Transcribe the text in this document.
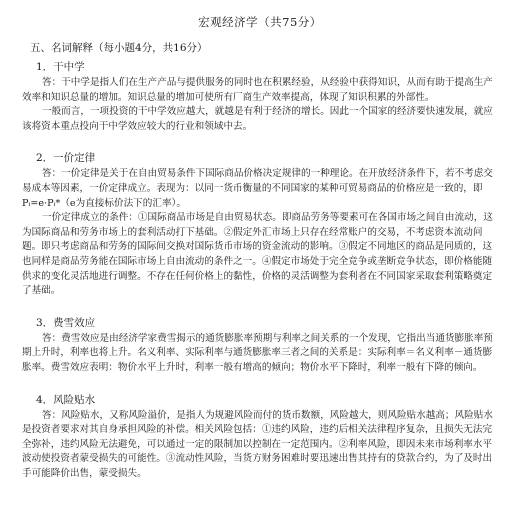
宏观经济学（共75分）
五、名词解释（每小题4分，共16分）
1．干中学

答：干中学是指人们在生产产品与提供服务的同时也在积累经验，从经验中获得知识，从而有助于提高生产效率和知识总量的增加。知识总量的增加可使所有厂商生产效率提高，体现了知识积累的外部性。

一般而言，一项投资的干中学效应越大，就越是有利于经济的增长。因此一个国家的经济要快速发展，就应该将资本重点投向干中学效应较大的行业和领域中去。

2．一价定律

答：一价定律是关于在自由贸易条件下国际商品价格决定规律的一种理论。在开放经济条件下，若不考虑交易成本等因素，一价定律成立。表现为：以同一货币衡量的不同国家的某种可贸易商品的价格应是一致的，即

Pᵢ=e·Pᵢ*（e为直接标价法下的汇率）。

一价定律成立的条件：①国际商品市场是自由贸易状态。即商品劳务等要素可在各国市场之间自由流动，这为国际商品和劳务市场上的套利活动打下基础。②假定外汇市场上只存在经常账户的交易，不考虑资本流动问题。即只考虑商品和劳务的国际间交换对国际货币市场的资金流动的影响。③假定不同地区的商品是同质的，这也同样是商品劳务能在国际市场上自由流动的条件之一。④假定市场处于完全竞争或垄断竞争状态，即价格能随供求的变化灵活地进行调整。不存在任何价格上的黏性，价格的灵活调整为套利者在不同国家采取套利策略奠定了基础。

3．费雪效应

答：费雪效应是由经济学家费雪揭示的通货膨胀率预期与利率之间关系的一个发现，它指出当通货膨胀率预期上升时，利率也将上升。名义利率、实际利率与通货膨胀率三者之间的关系是：实际利率＝名义利率－通货膨胀率。费雪效应表明：物价水平上升时，利率一般有增高的倾向；物价水平下降时，利率一般有下降的倾向。

4．风险贴水

答：风险贴水，又称风险溢价，是指人为规避风险而付的货币数额，风险越大，则风险贴水越高；风险贴水是投资者要求对其自身承担风险的补偿。相关风险包括：①违约风险，违约后相关法律程序复杂，且损失无法完全弥补，违约风险无法避免，可以通过一定的限制加以控制在一定范围内。②利率风险，即因未来市场利率水平波动使投资者蒙受损失的可能性。③流动性风险，当货方财务困难时要迅速出售其持有的贷款合约，为了及时出手可能降价出售，蒙受损失。
